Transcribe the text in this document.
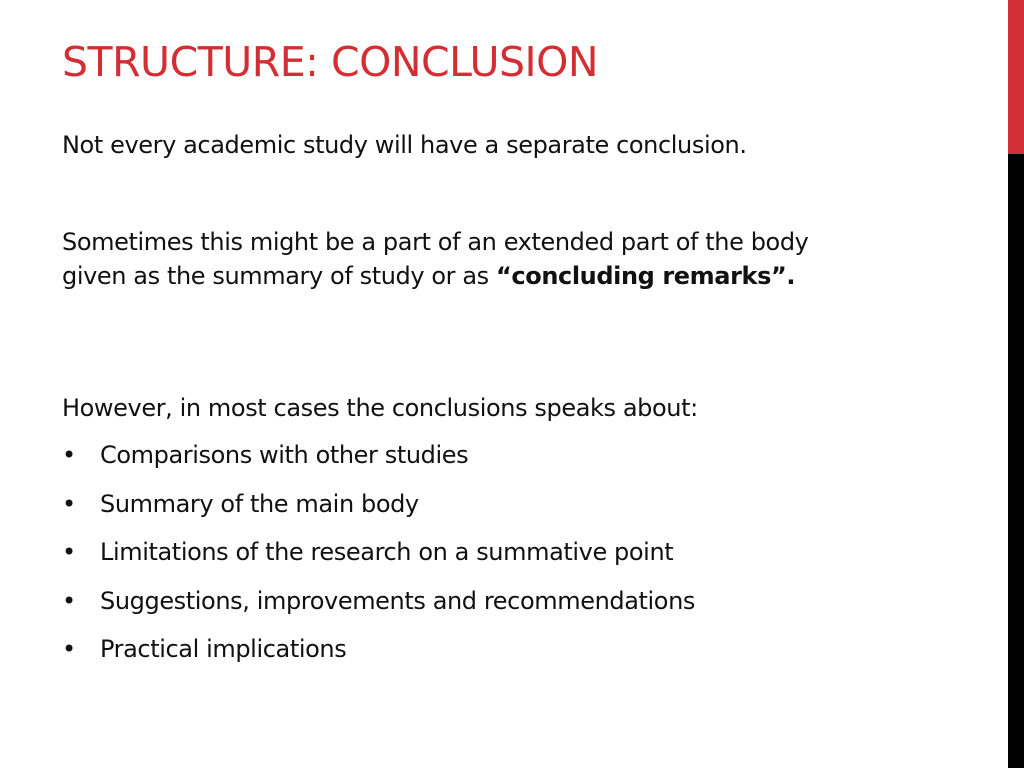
STRUCTURE: CONCLUSION

Not every academic study will have a separate conclusion.

Sometimes this might be a part of an extended part of the body given as the summary of study or as “concluding remarks”.

However, in most cases the conclusions speaks about:

• Comparisons with other studies
• Summary of the main body
• Limitations of the research on a summative point
• Suggestions, improvements and recommendations
• Practical implications
